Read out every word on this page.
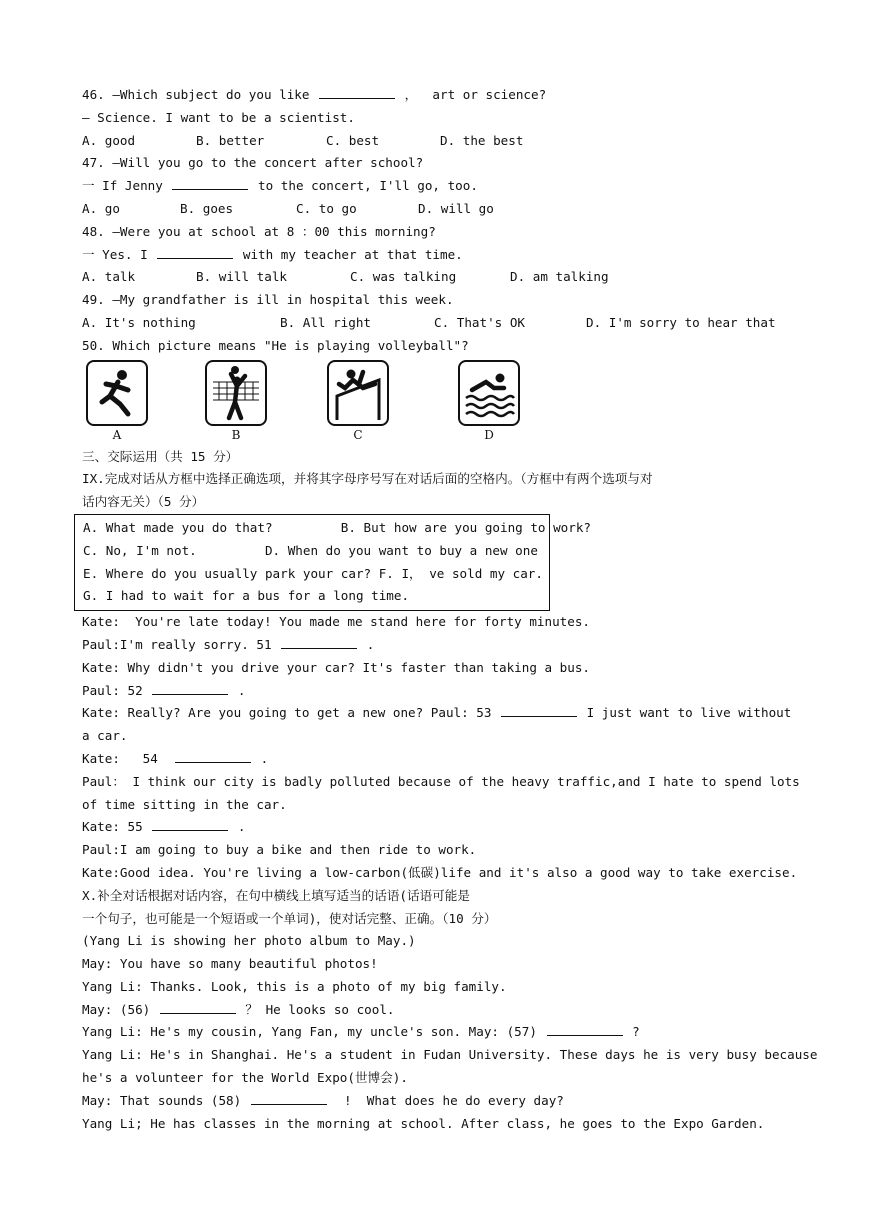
46. —Which subject do you like	，  art or science?
— Science. I want to be a scientist.
A. good	B. better	C. best	D. the best
47. —Will you go to the concert after school?
一 If Jenny	to the concert, I'll go, too.
A. go	B. goes	C. to go	D. will go
48. —Were you at school at 8 ：00 this morning?
一 Yes. I	with my teacher at that time.
A. talk	B. will talk	C. was talking	D. am talking
49. —My grandfather is ill in hospital this week.
A. It's nothing	B. All right	C. That's OK	D. I'm sorry to hear that
50. Which picture means "He is playing volleyball"?
A	B	C	D
三、交际运用（共 15 分）
IX.完成对话从方框中选择正确选项，并将其字母序号写在对话后面的空格内。（方框中有两个选项与对
话内容无关）（5 分）
A. What made you do that?         B. But how are you going to work?
C. No, I'm not.         D. When do you want to buy a new one
E. Where do you usually park your car? F. I， ve sold my car.
G. I had to wait for a bus for a long time.
Kate:  You're late today! You made me stand here for forty minutes.
Paul:I'm really sorry. 51	.
Kate: Why didn't you drive your car? It's faster than taking a bus.
Paul: 52	.
Kate: Really? Are you going to get a new one? Paul: 53	I just want to live without
a car.
Kate:   54	.
Paul： I think our city is badly polluted because of the heavy traffic,and I hate to spend lots
of time sitting in the car.
Kate: 55	.
Paul:I am going to buy a bike and then ride to work.
Kate:Good idea. You're living a low-carbon(低碳)life and it's also a good way to take exercise.
X.补全对话根据对话内容，在句中横线上填写适当的话语(话语可能是
一个句子，也可能是一个短语或一个单词)，使对话完整、正确。（10 分）
(Yang Li is showing her photo album to May.)
May: You have so many beautiful photos!
Yang Li: Thanks. Look, this is a photo of my big family.
May: (56)	？ He looks so cool.
Yang Li: He's my cousin, Yang Fan, my uncle's son. May: (57)	?
Yang Li: He's in Shanghai. He's a student in Fudan University. These days he is very busy because
he's a volunteer for the World Expo(世博会).
May: That sounds (58)	!  What does he do every day?
Yang Li; He has classes in the morning at school. After class, he goes to the Expo Garden.
